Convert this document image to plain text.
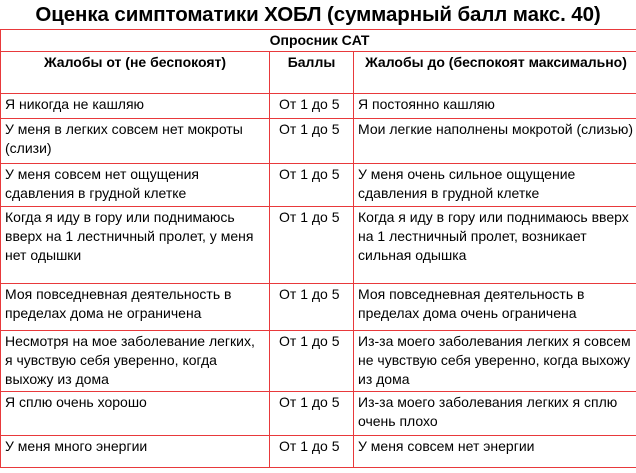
Оценка симптоматики ХОБЛ (суммарный балл макс. 40)
Опросник CAT		
Жалобы от (не беспокоят)	Баллы	Жалобы до (беспокоят максимально)
Я никогда не кашляю	От 1 до 5	Я постоянно кашляю
У меня в легких совсем нет мокроты (слизи)	От 1 до 5	Мои легкие наполнены мокротой (слизью)
У меня совсем нет ощущения сдавления в грудной клетке	От 1 до 5	У меня очень сильное ощущение сдавления в грудной клетке
Когда я иду в гору или поднимаюсь вверх на 1 лестничный пролет, у меня нет одышки	От 1 до 5	Когда я иду в гору или поднимаюсь вверх на 1 лестничный пролет, возникает сильная одышка
Моя повседневная деятельность в пределах дома не ограничена	От 1 до 5	Моя повседневная деятельность в пределах дома очень ограничена
Несмотря на мое заболевание легких, я чувствую себя уверенно, когда выхожу из дома	От 1 до 5	Из-за моего заболевания легких я совсем не чувствую себя уверенно, когда выхожу из дома
Я сплю очень хорошо	От 1 до 5	Из-за моего заболевания легких я сплю очень плохо
У меня много энергии	От 1 до 5	У меня совсем нет энергии
